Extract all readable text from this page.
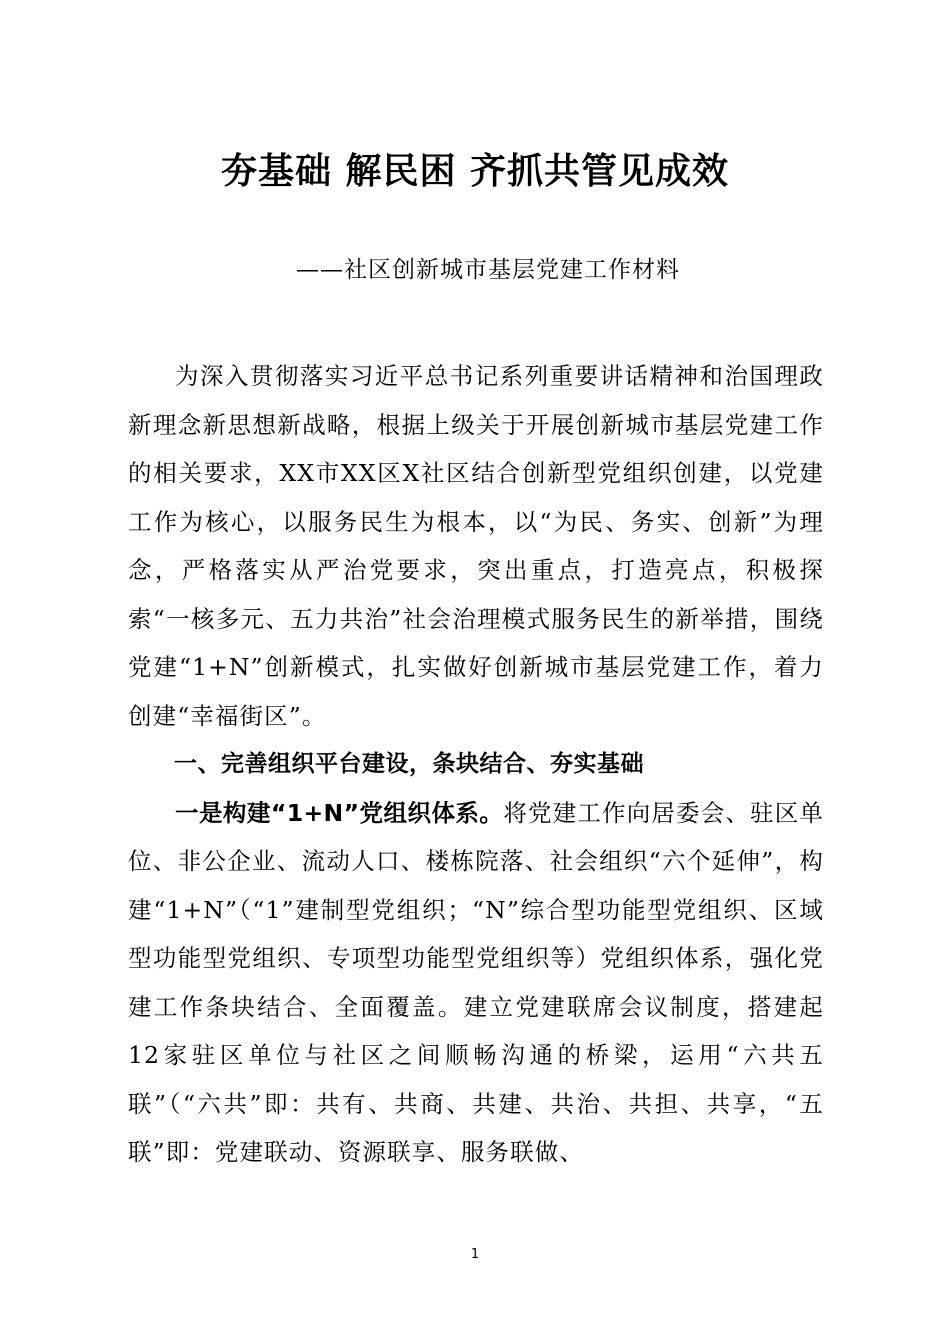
夯基础 解民困 齐抓共管见成效
——社区创新城市基层党建工作材料

为深入贯彻落实习近平总书记系列重要讲话精神和治国理政新理念新思想新战略，根据上级关于开展创新城市基层党建工作的相关要求，XX市XX区X社区结合创新型党组织创建，以党建工作为核心，以服务民生为根本，以“为民、务实、创新”为理念，严格落实从严治党要求，突出重点，打造亮点，积极探索“一核多元、五力共治”社会治理模式服务民生的新举措，围绕党建“1+N”创新模式，扎实做好创新城市基层党建工作，着力创建“幸福街区”。

一、完善组织平台建设，条块结合、夯实基础

一是构建“1+N”党组织体系。将党建工作向居委会、驻区单位、非公企业、流动人口、楼栋院落、社会组织“六个延伸”，构建“1+N”（“1”建制型党组织；“N”综合型功能型党组织、区域型功能型党组织、专项型功能型党组织等）党组织体系，强化党建工作条块结合、全面覆盖。建立党建联席会议制度，搭建起12家驻区单位与社区之间顺畅沟通的桥梁，运用“六共五联”（“六共”即：共有、共商、共建、共治、共担、共享，“五联”即：党建联动、资源联享、服务联做、

1
